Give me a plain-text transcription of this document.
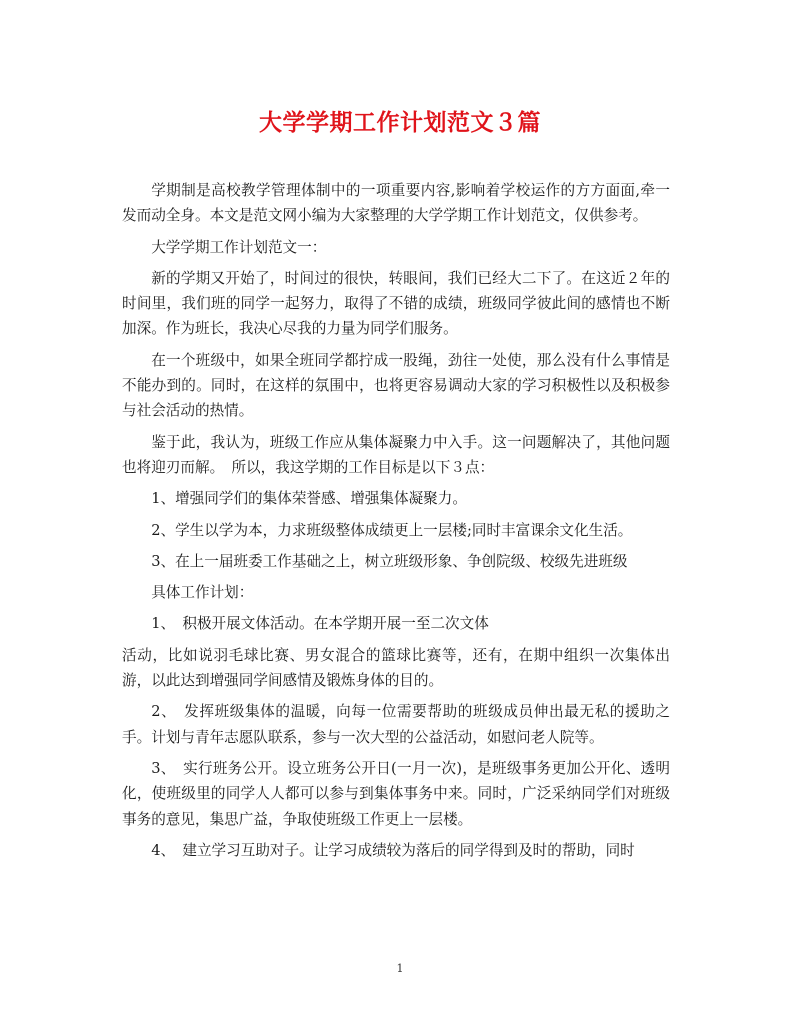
大学学期工作计划范文３篇

学期制是高校教学管理体制中的一项重要内容,影响着学校运作的方方面面,牵一发而动全身。本文是范文网小编为大家整理的大学学期工作计划范文，仅供参考。

大学学期工作计划范文一：

新的学期又开始了，时间过的很快，转眼间，我们已经大二下了。在这近２年的时间里，我们班的同学一起努力，取得了不错的成绩，班级同学彼此间的感情也不断加深。作为班长，我决心尽我的力量为同学们服务。

在一个班级中，如果全班同学都拧成一股绳，劲往一处使，那么没有什么事情是不能办到的。同时，在这样的氛围中，也将更容易调动大家的学习积极性以及积极参与社会活动的热情。

鉴于此，我认为，班级工作应从集体凝聚力中入手。这一问题解决了，其他问题也将迎刃而解。　所以，我这学期的工作目标是以下３点：

1、增强同学们的集体荣誉感、增强集体凝聚力。

2、学生以学为本，力求班级整体成绩更上一层楼;同时丰富课余文化生活。

3、在上一届班委工作基础之上，树立班级形象、争创院级、校级先进班级

具体工作计划：

1、　积极开展文体活动。在本学期开展一至二次文体

活动，比如说羽毛球比赛、男女混合的篮球比赛等，还有，在期中组织一次集体出游，以此达到增强同学间感情及锻炼身体的目的。

2、　发挥班级集体的温暖，向每一位需要帮助的班级成员伸出最无私的援助之手。计划与青年志愿队联系，参与一次大型的公益活动，如慰问老人院等。

3、　实行班务公开。设立班务公开日(一月一次)，是班级事务更加公开化、透明化，使班级里的同学人人都可以参与到集体事务中来。同时，广泛采纳同学们对班级事务的意见，集思广益，争取使班级工作更上一层楼。

4、　建立学习互助对子。让学习成绩较为落后的同学得到及时的帮助，同时

1
